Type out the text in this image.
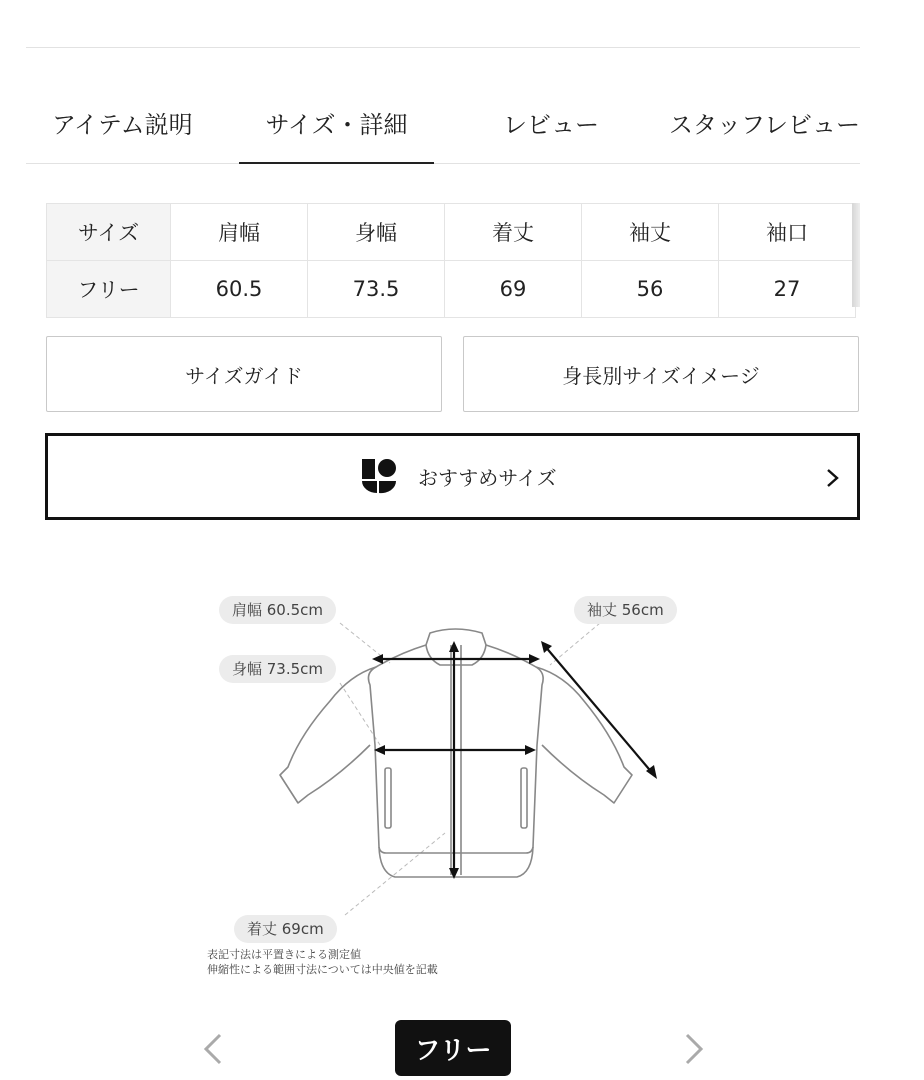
アイテム説明	サイズ・詳細	レビュー	スタッフレビュー
サイズ	肩幅	身幅	着丈	袖丈	袖口
フリー	60.5	73.5	69	56	27
サイズガイド	身長別サイズイメージ
おすすめサイズ
肩幅 60.5cm
身幅 73.5cm
袖丈 56cm
着丈 69cm
表記寸法は平置きによる測定値
伸縮性による範囲寸法については中央値を記載
フリー
